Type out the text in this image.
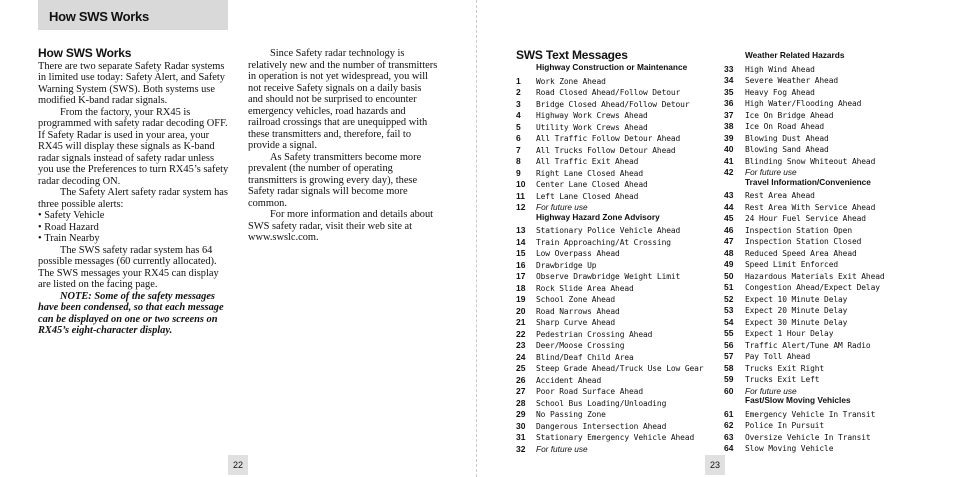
How SWS Works
How SWS Works

There are two separate Safety Radar systems in limited use today: Safety Alert, and Safety Warning System (SWS). Both systems use modified K-band radar signals.

From the factory, your RX45 is programmed with safety radar decoding OFF. If Safety Radar is used in your area, your RX45 will display these signals as K-band radar signals instead of safety radar unless you use the Preferences to turn RX45’s safety radar decoding ON.

The Safety Alert safety radar system has three possible alerts:

• Safety Vehicle
• Road Hazard
• Train Nearby

The SWS safety radar system has 64 possible messages (60 currently allocated). The SWS messages your RX45 can display are listed on the facing page.

NOTE: Some of the safety messages have been condensed, so that each message can be displayed on one or two screens on RX45’s eight-character display.

Since Safety radar technology is relatively new and the number of transmitters in operation is not yet widespread, you will not receive Safety signals on a daily basis and should not be surprised to encounter emergency vehicles, road hazards and railroad crossings that are unequipped with these transmitters and, therefore, fail to provide a signal.

As Safety transmitters become more prevalent (the number of operating transmitters is growing every day), these Safety radar signals will become more common.

For more information and details about SWS safety radar, visit their web site at www.swslc.com.

22
SWS Text Messages
Highway Construction or Maintenance
1 Work Zone Ahead
2 Road Closed Ahead/Follow Detour
3 Bridge Closed Ahead/Follow Detour
4 Highway Work Crews Ahead
5 Utility Work Crews Ahead
6 All Traffic Follow Detour Ahead
7 All Trucks Follow Detour Ahead
8 All Traffic Exit Ahead
9 Right Lane Closed Ahead
10 Center Lane Closed Ahead
11 Left Lane Closed Ahead
12 For future use
Highway Hazard Zone Advisory
13 Stationary Police Vehicle Ahead
14 Train Approaching/At Crossing
15 Low Overpass Ahead
16 Drawbridge Up
17 Observe Drawbridge Weight Limit
18 Rock Slide Area Ahead
19 School Zone Ahead
20 Road Narrows Ahead
21 Sharp Curve Ahead
22 Pedestrian Crossing Ahead
23 Deer/Moose Crossing
24 Blind/Deaf Child Area
25 Steep Grade Ahead/Truck Use Low Gear
26 Accident Ahead
27 Poor Road Surface Ahead
28 School Bus Loading/Unloading
29 No Passing Zone
30 Dangerous Intersection Ahead
31 Stationary Emergency Vehicle Ahead
32 For future use
Weather Related Hazards
33 High Wind Ahead
34 Severe Weather Ahead
35 Heavy Fog Ahead
36 High Water/Flooding Ahead
37 Ice On Bridge Ahead
38 Ice On Road Ahead
39 Blowing Dust Ahead
40 Blowing Sand Ahead
41 Blinding Snow Whiteout Ahead
42 For future use
Travel Information/Convenience
43 Rest Area Ahead
44 Rest Area With Service Ahead
45 24 Hour Fuel Service Ahead
46 Inspection Station Open
47 Inspection Station Closed
48 Reduced Speed Area Ahead
49 Speed Limit Enforced
50 Hazardous Materials Exit Ahead
51 Congestion Ahead/Expect Delay
52 Expect 10 Minute Delay
53 Expect 20 Minute Delay
54 Expect 30 Minute Delay
55 Expect 1 Hour Delay
56 Traffic Alert/Tune AM Radio
57 Pay Toll Ahead
58 Trucks Exit Right
59 Trucks Exit Left
60 For future use
Fast/Slow Moving Vehicles
61 Emergency Vehicle In Transit
62 Police In Pursuit
63 Oversize Vehicle In Transit
64 Slow Moving Vehicle
23
